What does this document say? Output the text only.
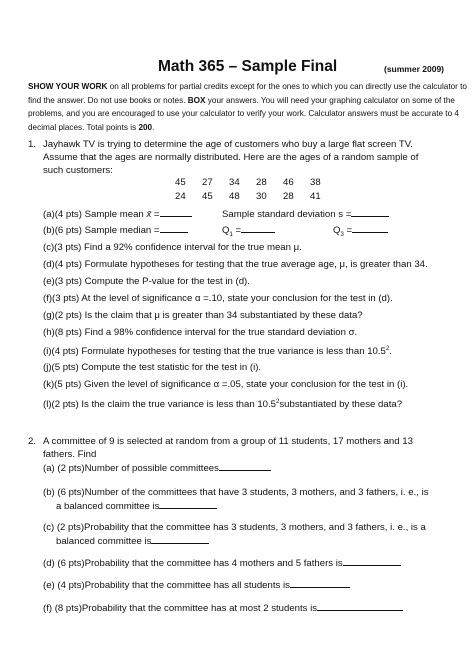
Math 365 – Sample Final	(summer 2009)
SHOW YOUR WORK on all problems for partial credits except for the ones to which you can directly use the calculator to find the answer. Do not use books or notes. BOX your answers. You will need your graphing calculator on some of the problems, and you are encouraged to use your calculator to verify your work. Calculator answers must be accurate to 4 decimal places. Total points is 200.
1. Jayhawk TV is trying to determine the age of customers who buy a large flat screen TV.
Assume that the ages are normally distributed. Here are the ages of a random sample of
such customers:
45 27 34 28 46 38
24 45 48 30 28 41
(a)(4 pts) Sample mean x̄ =	Sample standard deviation s =
(b)(6 pts) Sample median =	$Q_1$ =	$Q_3$ =
(c)(3 pts) Find a 92% confidence interval for the true mean μ.
(d)(4 pts) Formulate hypotheses for testing that the true average age, μ, is greater than 34.
(e)(3 pts) Compute the P-value for the test in (d).
(f)(3 pts) At the level of significance α =.10, state your conclusion for the test in (d).
(g)(2 pts) Is the claim that μ is greater than 34 substantiated by these data?
(h)(8 pts) Find a 98% confidence interval for the true standard deviation σ.
(i)(4 pts) Formulate hypotheses for testing that the true variance is less than 10.5$^2$.
(j)(5 pts) Compute the test statistic for the test in (i).
(k)(5 pts) Given the level of significance α =.05, state your conclusion for the test in (i).
(l)(2 pts) Is the claim the true variance is less than 10.5$^2$substantiated by these data?
2. A committee of 9 is selected at random from a group of 11 students, 17 mothers and 13
fathers. Find
(a) (2 pts)Number of possible committees
(b) (6 pts)Number of the committees that have 3 students, 3 mothers, and 3 fathers, i. e., is
a balanced committee is
(c) (2 pts)Probability that the committee has 3 students, 3 mothers, and 3 fathers, i. e., is a
balanced committee is
(d) (6 pts)Probability that the committee has 4 mothers and 5 fathers is
(e) (4 pts)Probability that the committee has all students is
(f) (8 pts)Probability that the committee has at most 2 students is
